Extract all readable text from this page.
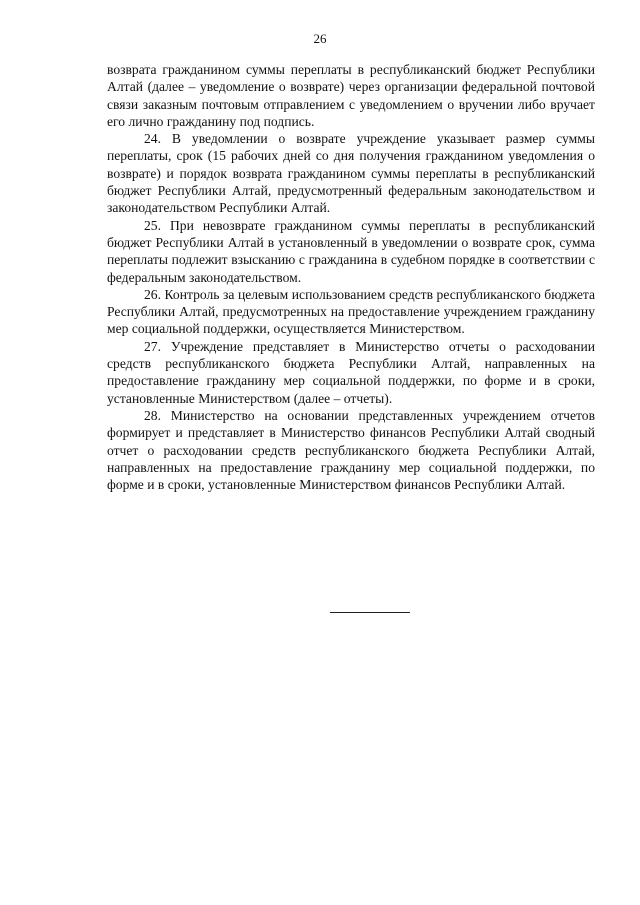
26

возврата гражданином суммы переплаты в республиканский бюджет Республики Алтай (далее – уведомление о возврате) через организации федеральной почтовой связи заказным почтовым отправлением с уведомлением о вручении либо вручает его лично гражданину под подпись.

24. В уведомлении о возврате учреждение указывает размер суммы переплаты, срок (15 рабочих дней со дня получения гражданином уведомления о возврате) и порядок возврата гражданином суммы переплаты в республиканский бюджет Республики Алтай, предусмотренный федеральным законодательством и законодательством Республики Алтай.

25. При невозврате гражданином суммы переплаты в республиканский бюджет Республики Алтай в установленный в уведомлении о возврате срок, сумма переплаты подлежит взысканию с гражданина в судебном порядке в соответствии с федеральным законодательством.

26. Контроль за целевым использованием средств республиканского бюджета Республики Алтай, предусмотренных на предоставление учреждением гражданину мер социальной поддержки, осуществляется Министерством.

27. Учреждение представляет в Министерство отчеты о расходовании средств республиканского бюджета Республики Алтай, направленных на предоставление гражданину мер социальной поддержки, по форме и в сроки, установленные Министерством (далее – отчеты).

28. Министерство на основании представленных учреждением отчетов формирует и представляет в Министерство финансов Республики Алтай сводный отчет о расходовании средств республиканского бюджета Республики Алтай, направленных на предоставление гражданину мер социальной поддержки, по форме и в сроки, установленные Министерством финансов Республики Алтай.
